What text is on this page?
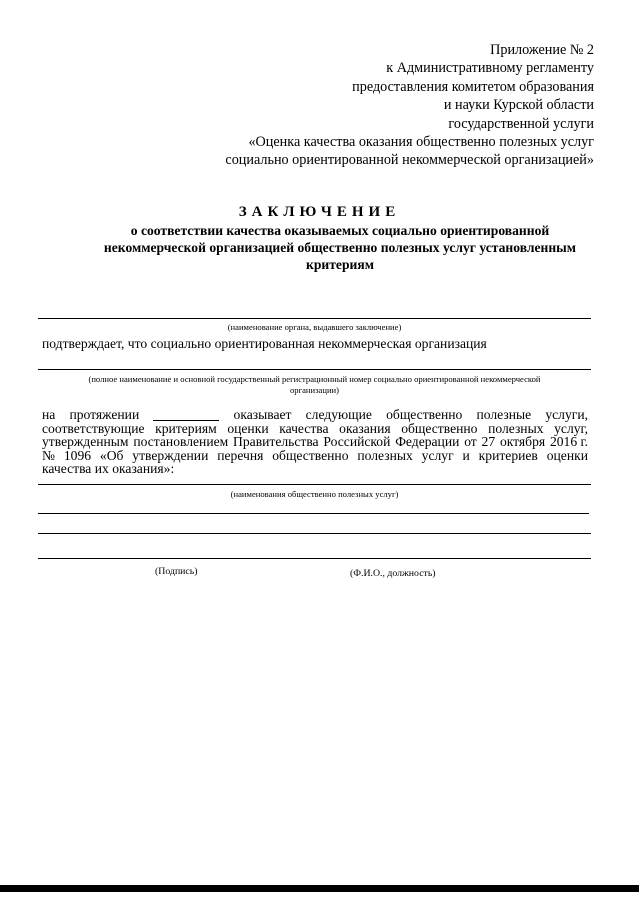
Приложение № 2
к Административному регламенту
предоставления комитетом образования
и науки Курской области
государственной услуги
«Оценка качества оказания общественно полезных услуг
социально ориентированной некоммерческой организацией»
ЗАКЛЮЧЕНИЕ
о соответствии качества оказываемых социально ориентированной
некоммерческой организацией общественно полезных услуг установленным
критериям
(наименование органа, выдавшего заключение)
подтверждает, что социально ориентированная некоммерческая организация
(полное наименование и основной государственный регистрационный номер социально ориентированной некоммерческой
организации)
на протяжении	оказывает следующие общественно полезные услуги,
соответствующие критериям оценки качества оказания общественно полезных услуг,
утвержденным постановлением Правительства Российской Федерации от 27 октября 2016 г.
№ 1096 «Об утверждении перечня общественно полезных услуг и критериев оценки
качества их оказания»:
(наименования общественно полезных услуг)
(Подпись)	(Ф.И.О., должность)
